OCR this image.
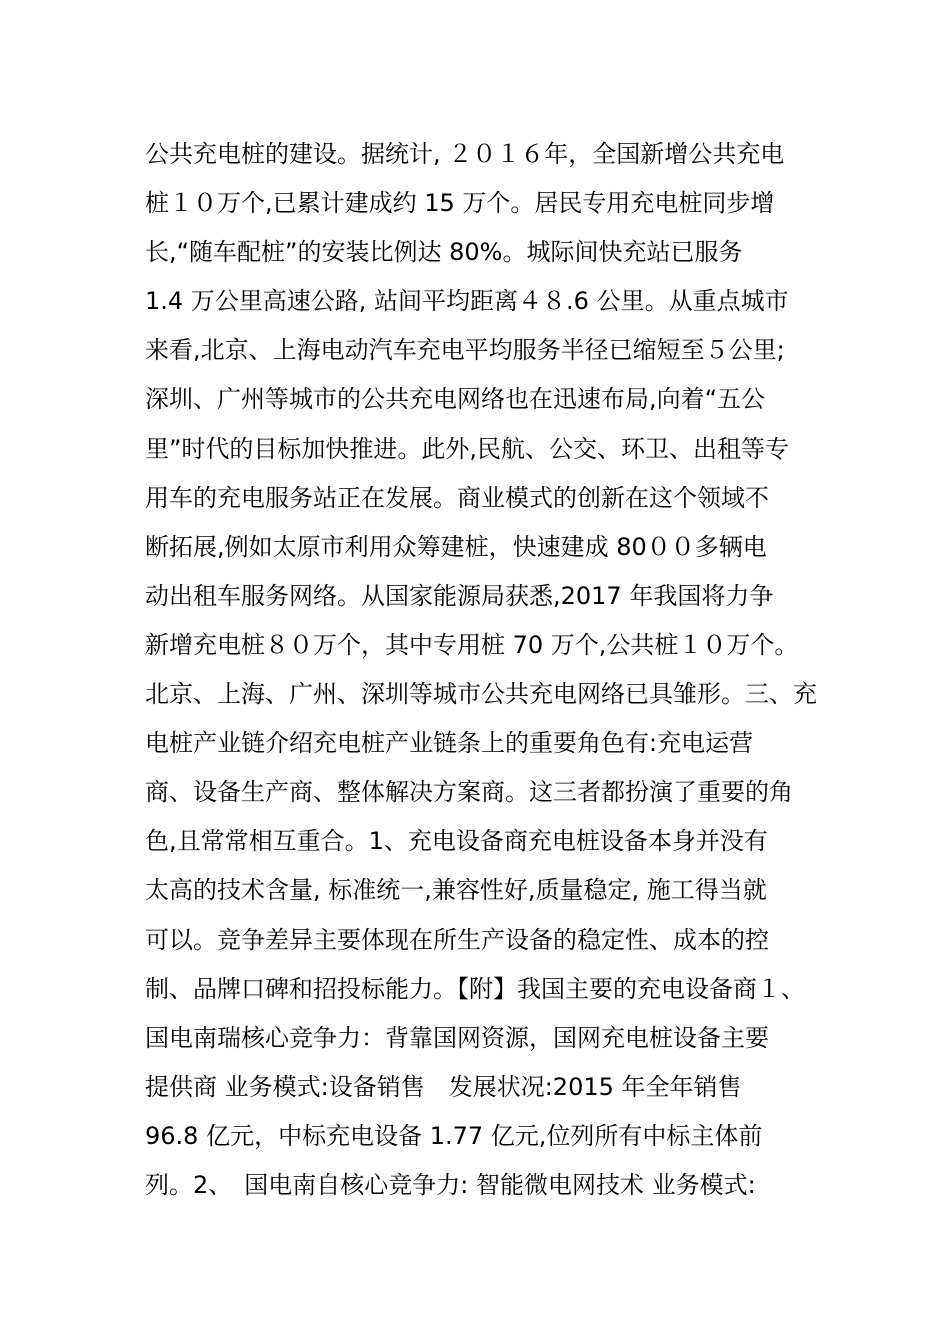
公共充电桩的建设。据统计, ２０１６年，全国新增公共充电
桩１０万个,已累计建成约 15 万个。居民专用充电桩同步增
长,“随车配桩”的安装比例达 80%。城际间快充站已服务
1.4 万公里高速公路, 站间平均距离４８.6 公里。从重点城市
来看,北京、上海电动汽车充电平均服务半径已缩短至５公里;
深圳、广州等城市的公共充电网络也在迅速布局,向着“五公
里”时代的目标加快推进。此外,民航、公交、环卫、出租等专
用车的充电服务站正在发展。商业模式的创新在这个领域不
断拓展,例如太原市利用众筹建桩，快速建成 80００多辆电
动出租车服务网络。从国家能源局获悉,2017 年我国将力争
新增充电桩８０万个，其中专用桩 70 万个,公共桩１０万个。
北京、上海、广州、深圳等城市公共充电网络已具雏形。三、充
电桩产业链介绍充电桩产业链条上的重要角色有:充电运营
商、设备生产商、整体解决方案商。这三者都扮演了重要的角
色,且常常相互重合。1、充电设备商充电桩设备本身并没有
太高的技术含量, 标准统一,兼容性好,质量稳定, 施工得当就
可以。竞争差异主要体现在所生产设备的稳定性、成本的控
制、品牌口碑和招投标能力。【附】我国主要的充电设备商１、
国电南瑞核心竞争力：背靠国网资源，国网充电桩设备主要
提供商 业务模式:设备销售　发展状况:2015 年全年销售
96.8 亿元，中标充电设备 1.77 亿元,位列所有中标主体前
列。2、　国电南自核心竞争力: 智能微电网技术 业务模式:
